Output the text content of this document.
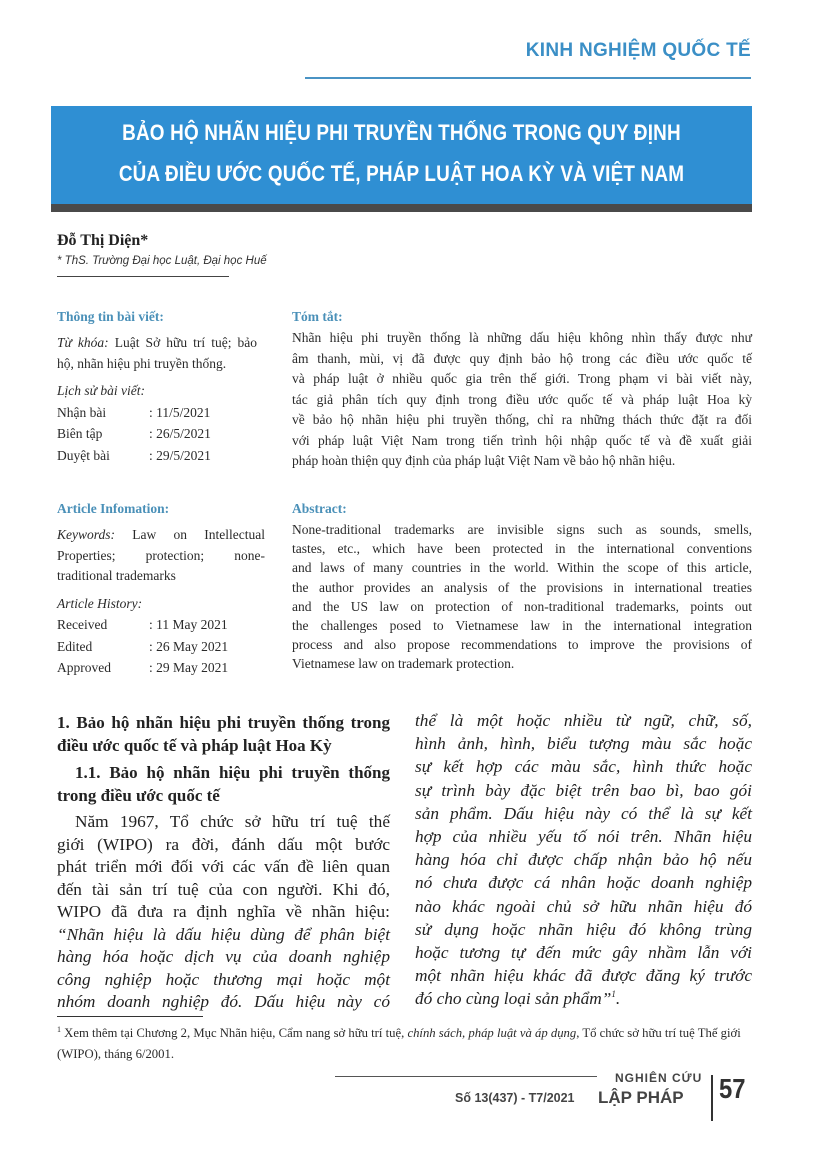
KINH NGHIỆM QUỐC TẾ
BẢO HỘ NHÃN HIỆU PHI TRUYỀN THỐNG TRONG QUY ĐỊNH
CỦA ĐIỀU ƯỚC QUỐC TẾ, PHÁP LUẬT HOA KỲ VÀ VIỆT NAM
Đỗ Thị Diện*
* ThS. Trường Đại học Luật, Đại học Huế
Thông tin bài viết:
Từ khóa: Luật Sở hữu trí tuệ; bảo
hộ, nhãn hiệu phi truyền thống.
Lịch sử bài viết:
Nhận bài	: 11/5/2021
Biên tập	: 26/5/2021
Duyệt bài	: 29/5/2021
Tóm tắt:
Nhãn hiệu phi truyền thống là những dấu hiệu không nhìn thấy được như
âm thanh, mùi, vị đã được quy định bảo hộ trong các điều ước quốc tế
và pháp luật ở nhiều quốc gia trên thế giới. Trong phạm vi bài viết này,
tác giả phân tích quy định trong điều ước quốc tế và pháp luật Hoa kỳ
về bảo hộ nhãn hiệu phi truyền thống, chỉ ra những thách thức đặt ra đối
với pháp luật Việt Nam trong tiến trình hội nhập quốc tế và đề xuất giải
pháp hoàn thiện quy định của pháp luật Việt Nam về bảo hộ nhãn hiệu.
Article Infomation:
Keywords: Law on Intellectual
Properties; protection; none-
traditional trademarks
Article History:
Received	: 11 May 2021
Edited	: 26 May 2021
Approved	: 29 May 2021
Abstract:
None-traditional trademarks are invisible signs such as sounds, smells,
tastes, etc., which have been protected in the international conventions
and laws of many countries in the world. Within the scope of this article,
the author provides an analysis of the provisions in international treaties
and the US law on protection of non-traditional trademarks, points out
the challenges posed to Vietnamese law in the international integration
process and also propose recommendations to improve the provisions of
Vietnamese law on trademark protection.
1. Bảo hộ nhãn hiệu phi truyền thống trong
điều ước quốc tế và pháp luật Hoa Kỳ
1.1. Bảo hộ nhãn hiệu phi truyền thống
trong điều ước quốc tế
Năm 1967, Tổ chức sở hữu trí tuệ thế
giới (WIPO) ra đời, đánh dấu một bước
phát triển mới đối với các vấn đề liên quan
đến tài sản trí tuệ của con người. Khi đó,
WIPO đã đưa ra định nghĩa về nhãn hiệu:
“Nhãn hiệu là dấu hiệu dùng để phân biệt
hàng hóa hoặc dịch vụ của doanh nghiệp
công nghiệp hoặc thương mại hoặc một
nhóm doanh nghiệp đó. Dấu hiệu này có
thể là một hoặc nhiều từ ngữ, chữ, số,
hình ảnh, hình, biểu tượng màu sắc hoặc
sự kết hợp các màu sắc, hình thức hoặc
sự trình bày đặc biệt trên bao bì, bao gói
sản phẩm. Dấu hiệu này có thể là sự kết
hợp của nhiều yếu tố nói trên. Nhãn hiệu
hàng hóa chỉ được chấp nhận bảo hộ nếu
nó chưa được cá nhân hoặc doanh nghiệp
nào khác ngoài chủ sở hữu nhãn hiệu đó
sử dụng hoặc nhãn hiệu đó không trùng
hoặc tương tự đến mức gây nhầm lẫn với
một nhãn hiệu khác đã được đăng ký trước
đó cho cùng loại sản phẩm”$^1$.
$^1$ Xem thêm tại Chương 2, Mục Nhãn hiệu, Cẩm nang sở hữu trí tuệ, chính sách, pháp luật và áp dụng, Tổ chức sở hữu trí tuệ Thế giới (WIPO), tháng 6/2001.
Số 13(437) - T7/2021
NGHIÊN CỨU
LẬP PHÁP 57
